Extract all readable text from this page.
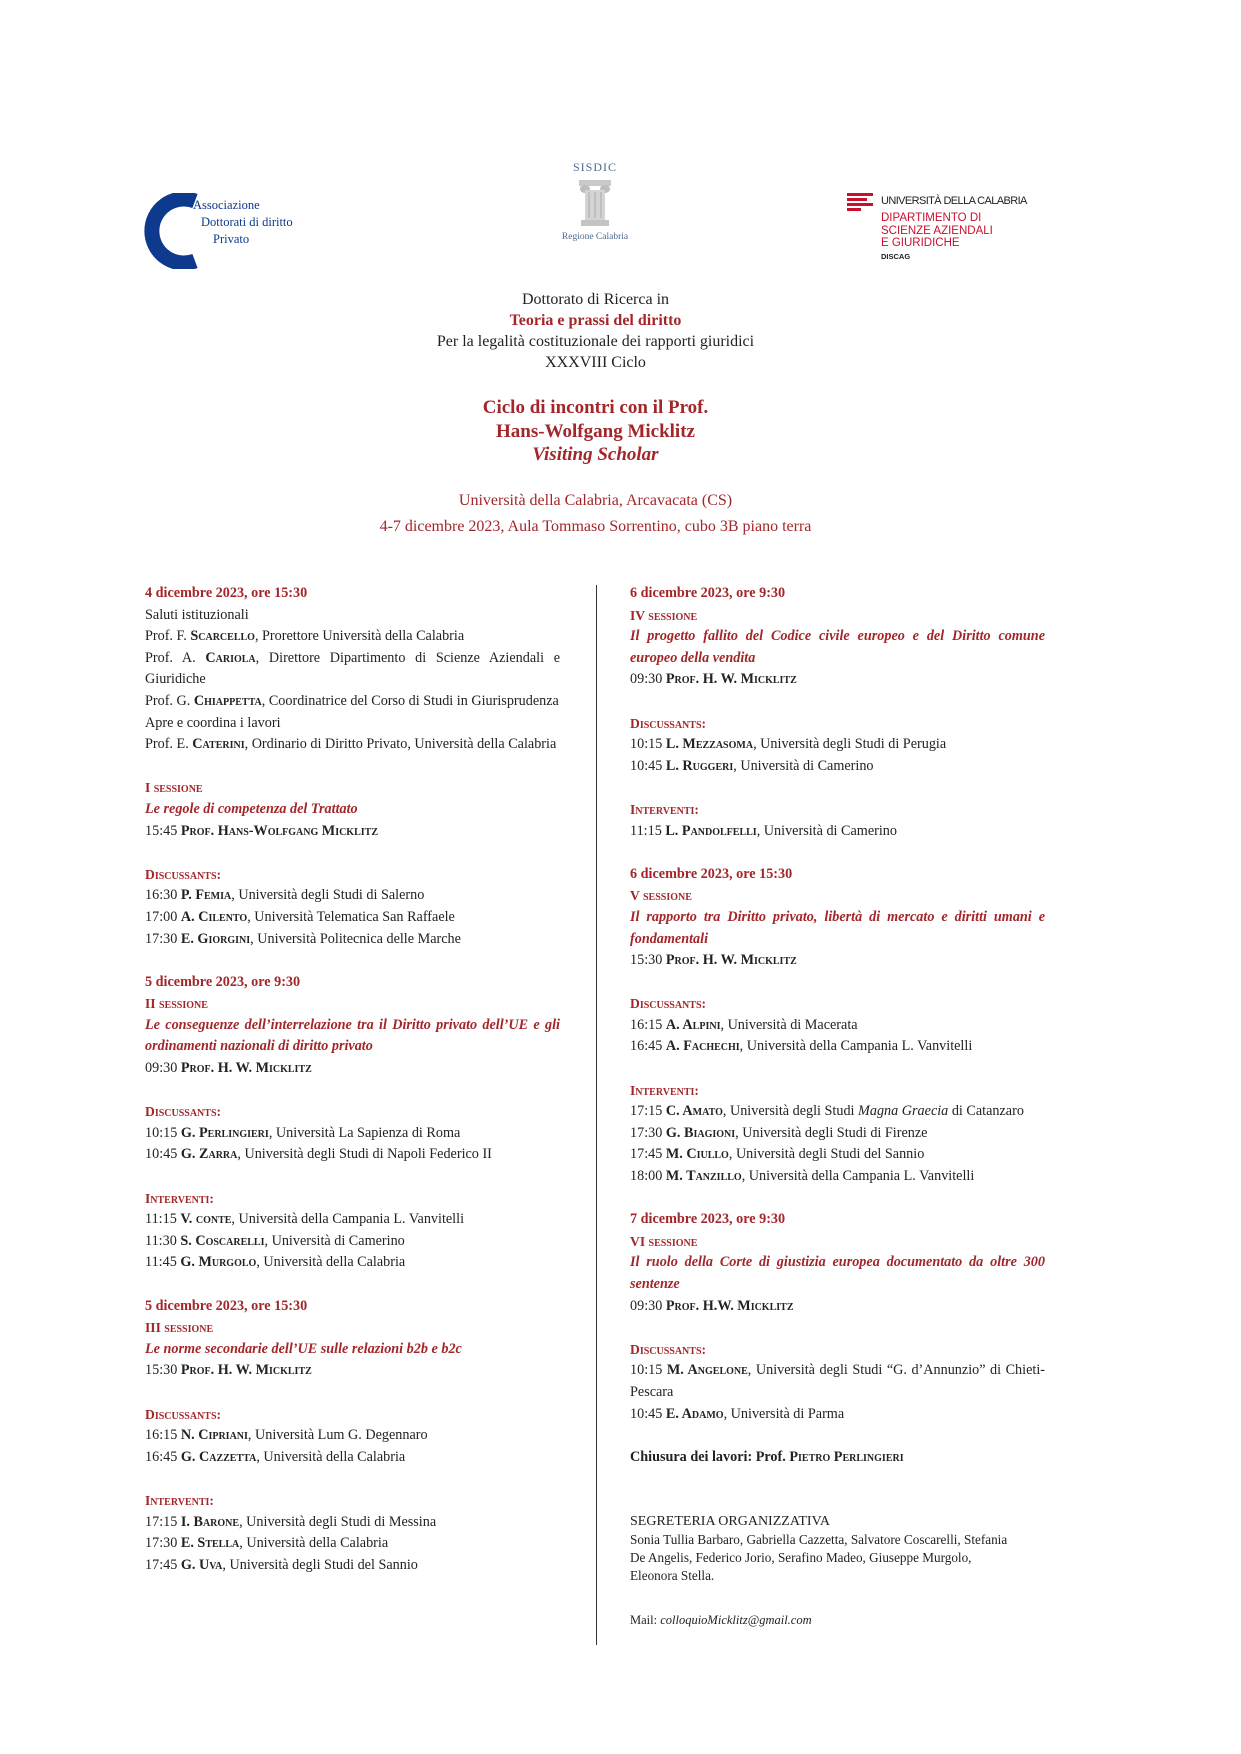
Associazione
Dottorati di diritto
Privato
SISDIC
Regione Calabria
UNIVERSITÀ DELLA CALABRIA
DIPARTIMENTO DI
SCIENZE AZIENDALI
E GIURIDICHE
DISCAG
Dottorato di Ricerca in
Teoria e prassi del diritto
Per la legalità costituzionale dei rapporti giuridici
XXXVIII Ciclo
Ciclo di incontri con il Prof.
Hans-Wolfgang Micklitz
Visiting Scholar
Università della Calabria, Arcavacata (CS)
4-7 dicembre 2023, Aula Tommaso Sorrentino, cubo 3B piano terra
4 dicembre 2023, ore 15:30
Saluti istituzionali
Prof. F. Scarcello, Prorettore Università della Calabria
Prof. A. Cariola, Direttore Dipartimento di Scienze Aziendali e Giuridiche
Prof. G. Chiappetta, Coordinatrice del Corso di Studi in Giurisprudenza
Apre e coordina i lavori
Prof. E. Caterini, Ordinario di Diritto Privato, Università della Calabria
I sessione
Le regole di competenza del Trattato
15:45 Prof. Hans-Wolfgang Micklitz
Discussants:
16:30 P. Femia, Università degli Studi di Salerno
17:00 A. Cilento, Università Telematica San Raffaele
17:30 E. Giorgini, Università Politecnica delle Marche
5 dicembre 2023, ore 9:30
II sessione
Le conseguenze dell’interrelazione tra il Diritto privato dell’UE e gli ordinamenti nazionali di diritto privato
09:30 Prof. H. W. Micklitz
Discussants:
10:15 G. Perlingieri, Università La Sapienza di Roma
10:45 G. Zarra, Università degli Studi di Napoli Federico II
Interventi:
11:15 V. conte, Università della Campania L. Vanvitelli
11:30 S. Coscarelli, Università di Camerino
11:45 G. Murgolo, Università della Calabria
5 dicembre 2023, ore 15:30
III sessione
Le norme secondarie dell’UE sulle relazioni b2b e b2c
15:30 Prof. H. W. Micklitz
Discussants:
16:15 N. Cipriani, Università Lum G. Degennaro
16:45 G. Cazzetta, Università della Calabria
Interventi:
17:15 I. Barone, Università degli Studi di Messina
17:30 E. Stella, Università della Calabria
17:45 G. Uva, Università degli Studi del Sannio
6 dicembre 2023, ore 9:30
IV sessione
Il progetto fallito del Codice civile europeo e del Diritto comune europeo della vendita
09:30 Prof. H. W. Micklitz
Discussants:
10:15 L. Mezzasoma, Università degli Studi di Perugia
10:45 L. Ruggeri, Università di Camerino
Interventi:
11:15 L. Pandolfelli, Università di Camerino
6 dicembre 2023, ore 15:30
V sessione
Il rapporto tra Diritto privato, libertà di mercato e diritti umani e fondamentali
15:30 Prof. H. W. Micklitz
Discussants:
16:15 A. Alpini, Università di Macerata
16:45 A. Fachechi, Università della Campania L. Vanvitelli
Interventi:
17:15 C. Amato, Università degli Studi Magna Graecia di Catanzaro
17:30 G. Biagioni, Università degli Studi di Firenze
17:45 M. Ciullo, Università degli Studi del Sannio
18:00 M. Tanzillo, Università della Campania L. Vanvitelli
7 dicembre 2023, ore 9:30
VI sessione
Il ruolo della Corte di giustizia europea documentato da oltre 300 sentenze
09:30 Prof. H.W. Micklitz
Discussants:
10:15 M. Angelone, Università degli Studi “G. d’Annunzio” di Chieti-Pescara
10:45 E. Adamo, Università di Parma
Chiusura dei lavori: Prof. Pietro Perlingieri
SEGRETERIA ORGANIZZATIVA
Sonia Tullia Barbaro, Gabriella Cazzetta, Salvatore Coscarelli, Stefania De Angelis, Federico Jorio, Serafino Madeo, Giuseppe Murgolo, Eleonora Stella.
Mail: colloquioMicklitz@gmail.com
